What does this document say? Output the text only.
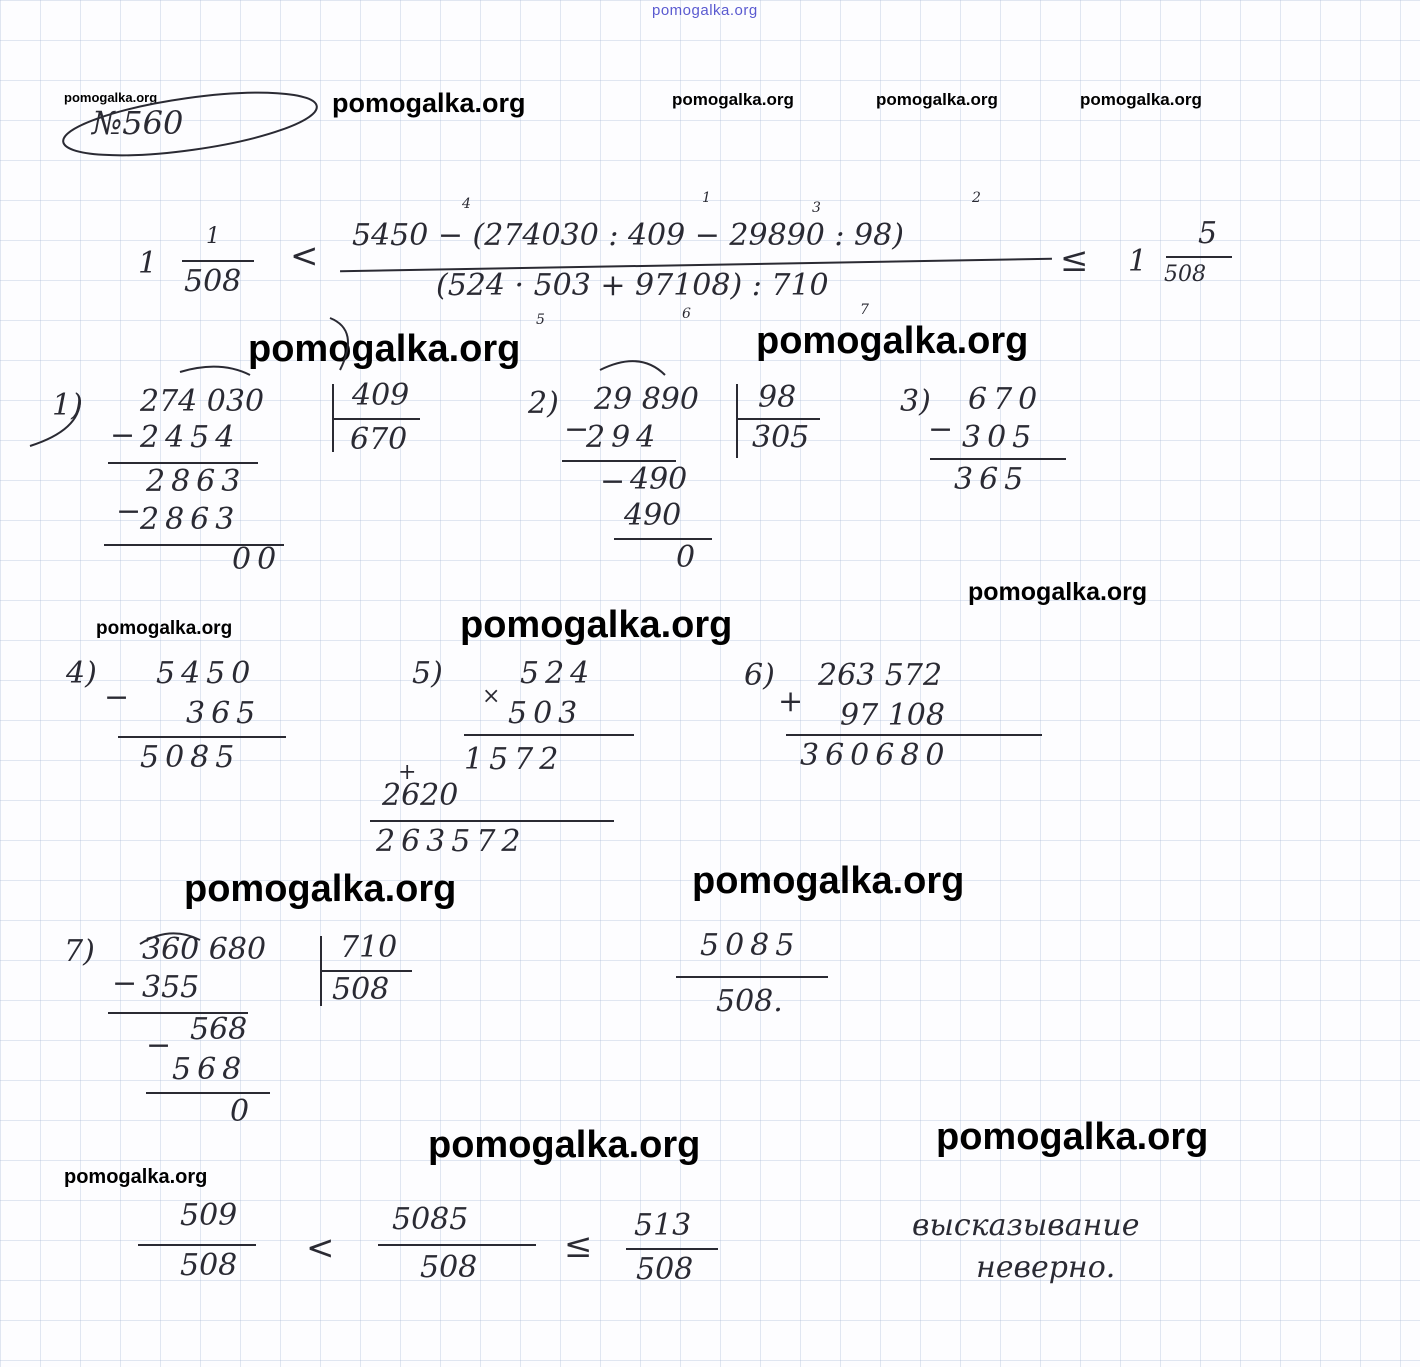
pomogalka.org
pomogalka.org	pomogalka.org	pomogalka.org	pomogalka.org	pomogalka.org
pomogalka.org	pomogalka.org
pomogalka.org
pomogalka.org	pomogalka.org
pomogalka.org	pomogalka.org
pomogalka.org	pomogalka.org
pomogalka.org
№560
1
1
508
<
4	1
3
2
5450 − (274030 : 409 − 29890 : 98)
(524 · 503 + 97108) : 710
5	6	7
≤ 1
5
508
1) 274 030	409
670
− 2454
2863
−
2863
00
2) 29 890 98
305
−
294
− 490
490
0
3) 670
− 305
365
4)
−
5450
365
5085
5)
×
524
503
1572
+
2620
263572
6)
+
263 572
97 108
360680
7) 360 680 710
508
− 355
568
−
568
0
5085
508.
509
508 <
5085
508
≤
513
508
высказывание
неверно.
